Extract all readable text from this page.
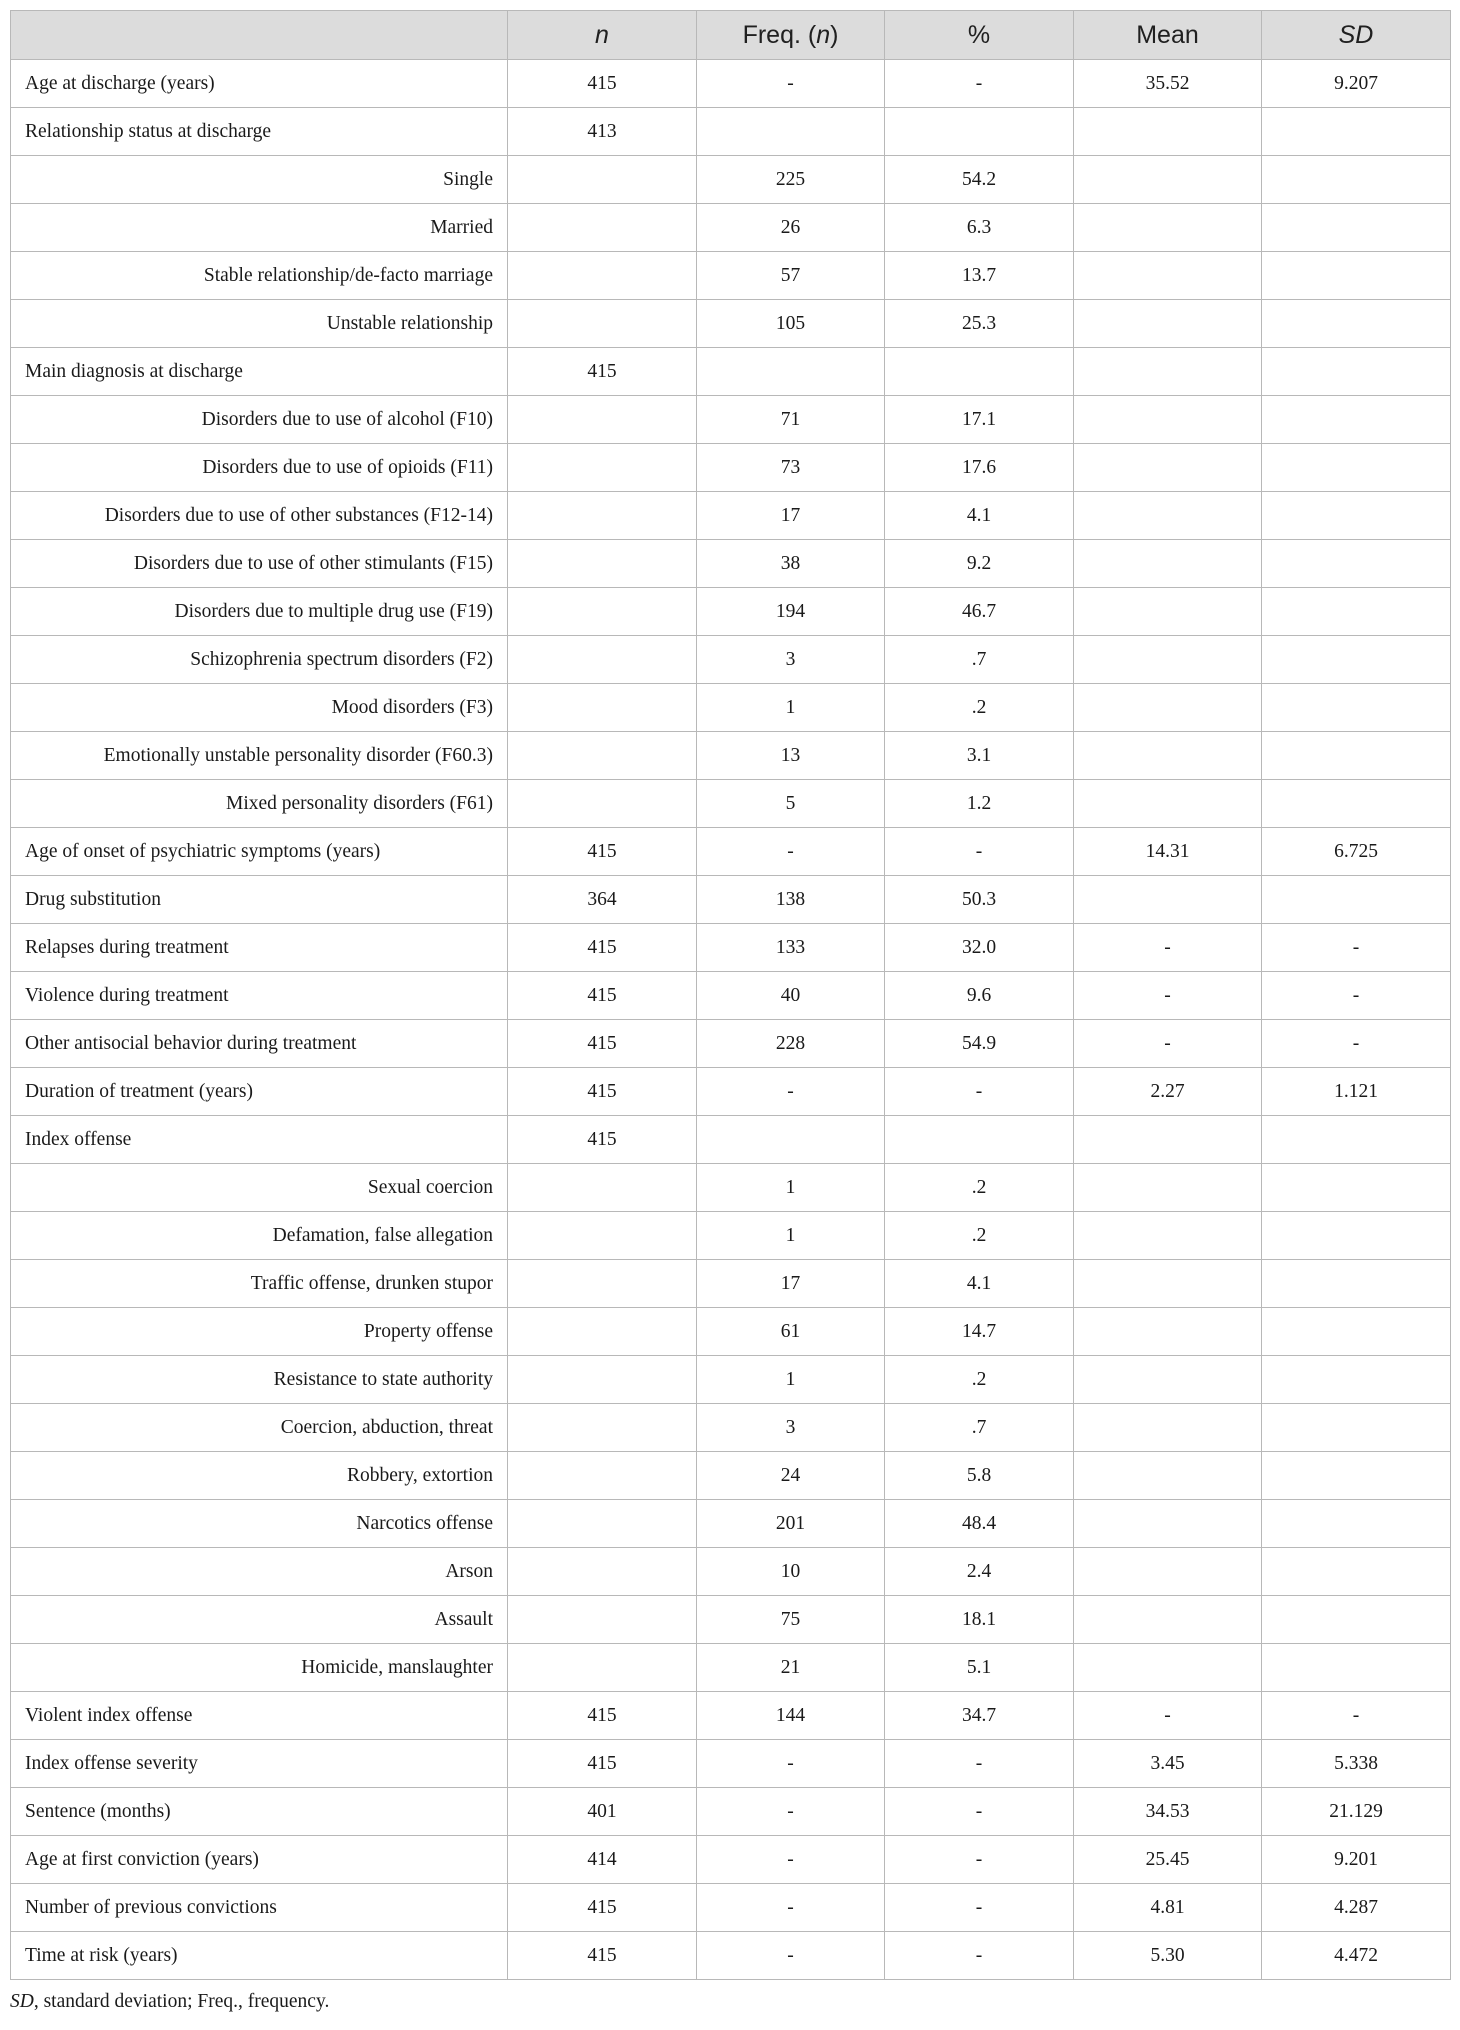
	n	Freq. (n)	%	Mean	SD
Age at discharge (years)	415	-	-	35.52	9.207
Relationship status at discharge	413				
Single		225	54.2		
Married		26	6.3		
Stable relationship/de-facto marriage		57	13.7		
Unstable relationship		105	25.3		
Main diagnosis at discharge	415				
Disorders due to use of alcohol (F10)		71	17.1		
Disorders due to use of opioids (F11)		73	17.6		
Disorders due to use of other substances (F12-14)		17	4.1		
Disorders due to use of other stimulants (F15)		38	9.2		
Disorders due to multiple drug use (F19)		194	46.7		
Schizophrenia spectrum disorders (F2)		3	.7		
Mood disorders (F3)		1	.2		
Emotionally unstable personality disorder (F60.3)		13	3.1		
Mixed personality disorders (F61)		5	1.2		
Age of onset of psychiatric symptoms (years)	415	-	-	14.31	6.725
Drug substitution	364	138	50.3		
Relapses during treatment	415	133	32.0	-	-
Violence during treatment	415	40	9.6	-	-
Other antisocial behavior during treatment	415	228	54.9	-	-
Duration of treatment (years)	415	-	-	2.27	1.121
Index offense	415				
Sexual coercion		1	.2		
Defamation, false allegation		1	.2		
Traffic offense, drunken stupor		17	4.1		
Property offense		61	14.7		
Resistance to state authority		1	.2		
Coercion, abduction, threat		3	.7		
Robbery, extortion		24	5.8		
Narcotics offense		201	48.4		
Arson		10	2.4		
Assault		75	18.1		
Homicide, manslaughter		21	5.1		
Violent index offense	415	144	34.7	-	-
Index offense severity	415	-	-	3.45	5.338
Sentence (months)	401	-	-	34.53	21.129
Age at first conviction (years)	414	-	-	25.45	9.201
Number of previous convictions	415	-	-	4.81	4.287
Time at risk (years)	415	-	-	5.30	4.472
SD, standard deviation; Freq., frequency.
